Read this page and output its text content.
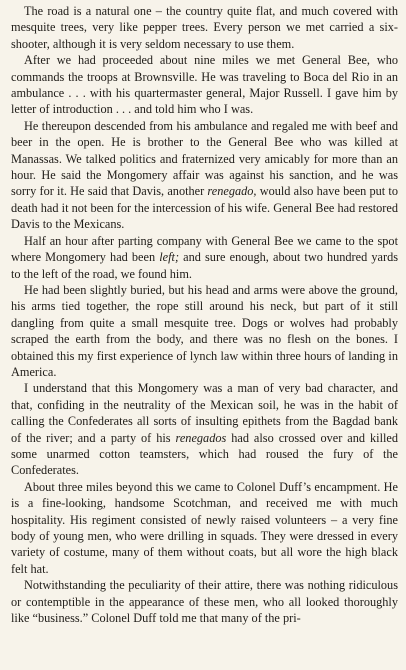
The road is a natural one – the country quite flat, and much covered with mesquite trees, very like pepper trees. Every person we met carried a six-shooter, although it is very seldom necessary to use them.

After we had proceeded about nine miles we met General Bee, who commands the troops at Brownsville. He was traveling to Boca del Rio in an ambulance . . . with his quartermaster general, Major Russell. I gave him by letter of introduction . . . and told him who I was.

He thereupon descended from his ambulance and regaled me with beef and beer in the open. He is brother to the General Bee who was killed at Manassas. We talked politics and fraternized very amicably for more than an hour. He said the Mongomery affair was against his sanction, and he was sorry for it. He said that Davis, another renegado, would also have been put to death had it not been for the intercession of his wife. General Bee had restored Davis to the Mexicans.

Half an hour after parting company with General Bee we came to the spot where Mongomery had been left; and sure enough, about two hundred yards to the left of the road, we found him.

He had been slightly buried, but his head and arms were above the ground, his arms tied together, the rope still around his neck, but part of it still dangling from quite a small mesquite tree. Dogs or wolves had probably scraped the earth from the body, and there was no flesh on the bones. I obtained this my first experience of lynch law within three hours of landing in America.

I understand that this Mongomery was a man of very bad character, and that, confiding in the neutrality of the Mexican soil, he was in the habit of calling the Confederates all sorts of insulting epithets from the Bagdad bank of the river; and a party of his renegados had also crossed over and killed some unarmed cotton teamsters, which had roused the fury of the Confederates.

About three miles beyond this we came to Colonel Duff’s encampment. He is a fine-looking, handsome Scotchman, and received me with much hospitality. His regiment consisted of newly raised volunteers – a very fine body of young men, who were drilling in squads. They were dressed in every variety of costume, many of them without coats, but all wore the high black felt hat.

Notwithstanding the peculiarity of their attire, there was nothing ridiculous or contemptible in the appearance of these men, who all looked thoroughly like “business.” Colonel Duff told me that many of the pri-
